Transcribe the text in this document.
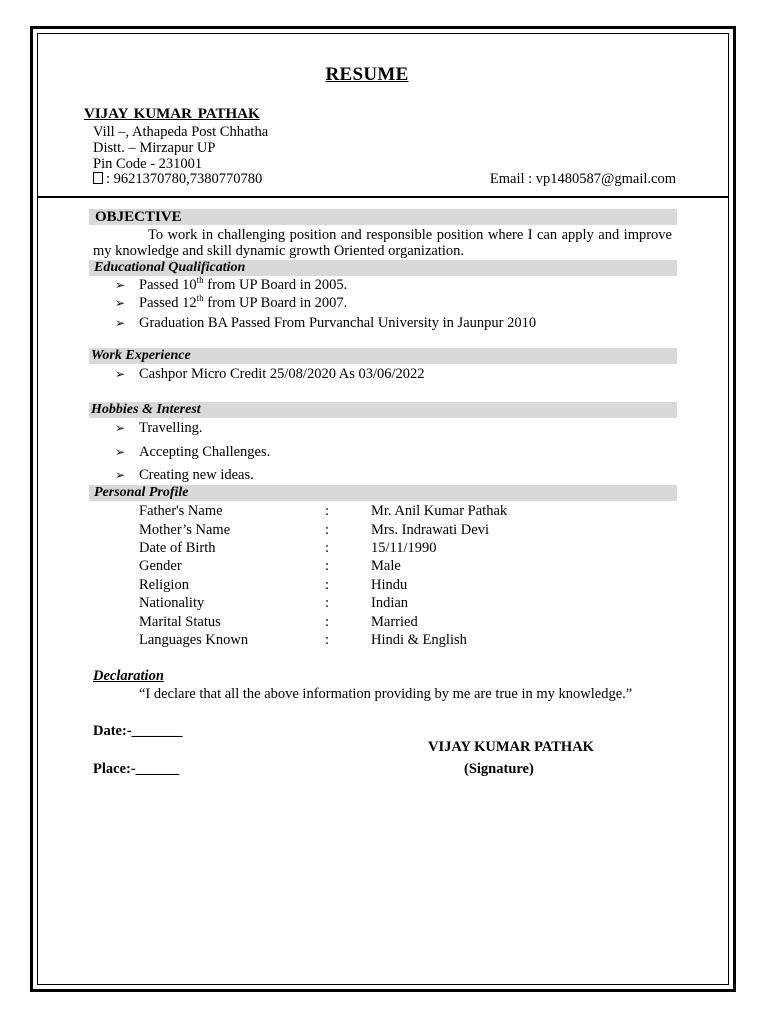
RESUME
VIJAY KUMAR PATHAK
Vill –, Athapeda Post Chhatha
Distt. – Mirzapur UP
Pin Code - 231001
: 9621370780,7380770780	Email : vp1480587@gmail.com
OBJECTIVE
To work in challenging position and responsible position where I can apply and improve my knowledge and skill dynamic growth Oriented organization.
Educational Qualification
➢ Passed 10th from UP Board in 2005.
➢ Passed 12th from UP Board in 2007.
➢ Graduation BA Passed From Purvanchal University in Jaunpur 2010
Work Experience
➢ Cashpor Micro Credit 25/08/2020 As 03/06/2022
Hobbies & Interest
➢ Travelling.
➢ Accepting Challenges.
➢ Creating new ideas.
Personal Profile
Father's Name	:	Mr. Anil Kumar Pathak
Mother’s Name	:	Mrs. Indrawati Devi
Date of Birth	:	15/11/1990
Gender	:	Male
Religion	:	Hindu
Nationality	:	Indian
Marital Status	:	Married
Languages Known	:	Hindi & English
Declaration
“I declare that all the above information providing by me are true in my knowledge.”
Date:-_______
VIJAY KUMAR PATHAK
Place:-______	(Signature)
